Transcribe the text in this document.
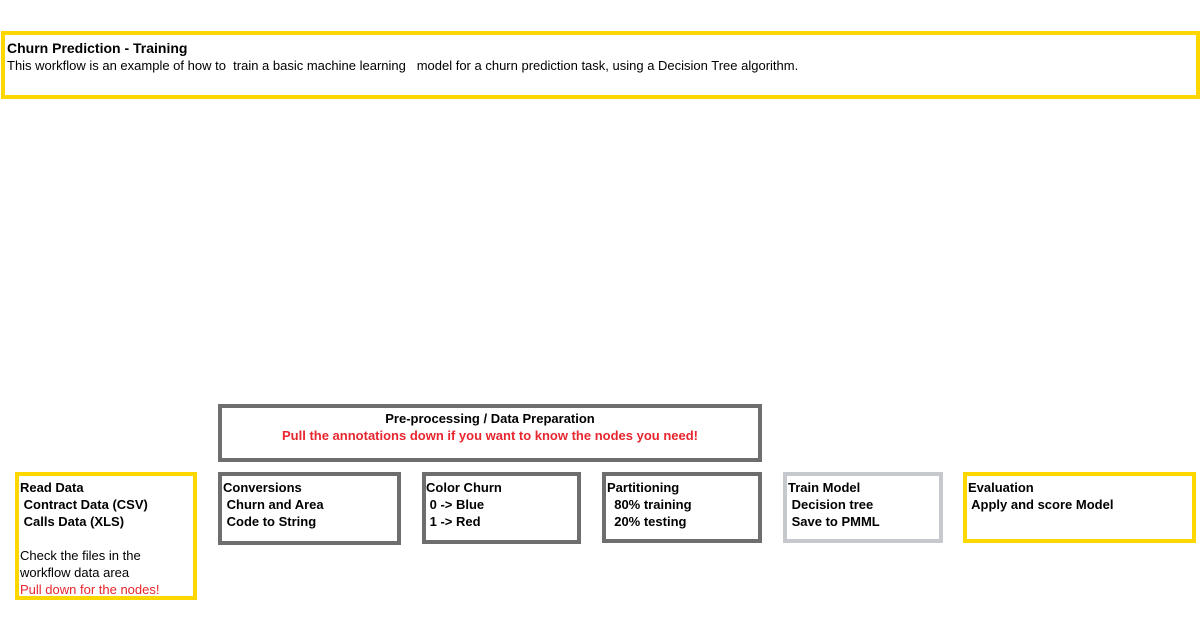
Churn Prediction - Training
This workflow is an example of how to  train a basic machine learning   model for a churn prediction task, using a Decision Tree algorithm.
Pre-processing / Data Preparation
Pull the annotations down if you want to know the nodes you need!
Read Data
Contract Data (CSV)
Calls Data (XLS)
Check the files in the
workflow data area
Pull down for the nodes!
Conversions
Churn and Area
Code to String
Color Churn
0 -> Blue
1 -> Red
Partitioning
80% training
20% testing
Train Model
Decision tree
Save to PMML
Evaluation
Apply and score Model
